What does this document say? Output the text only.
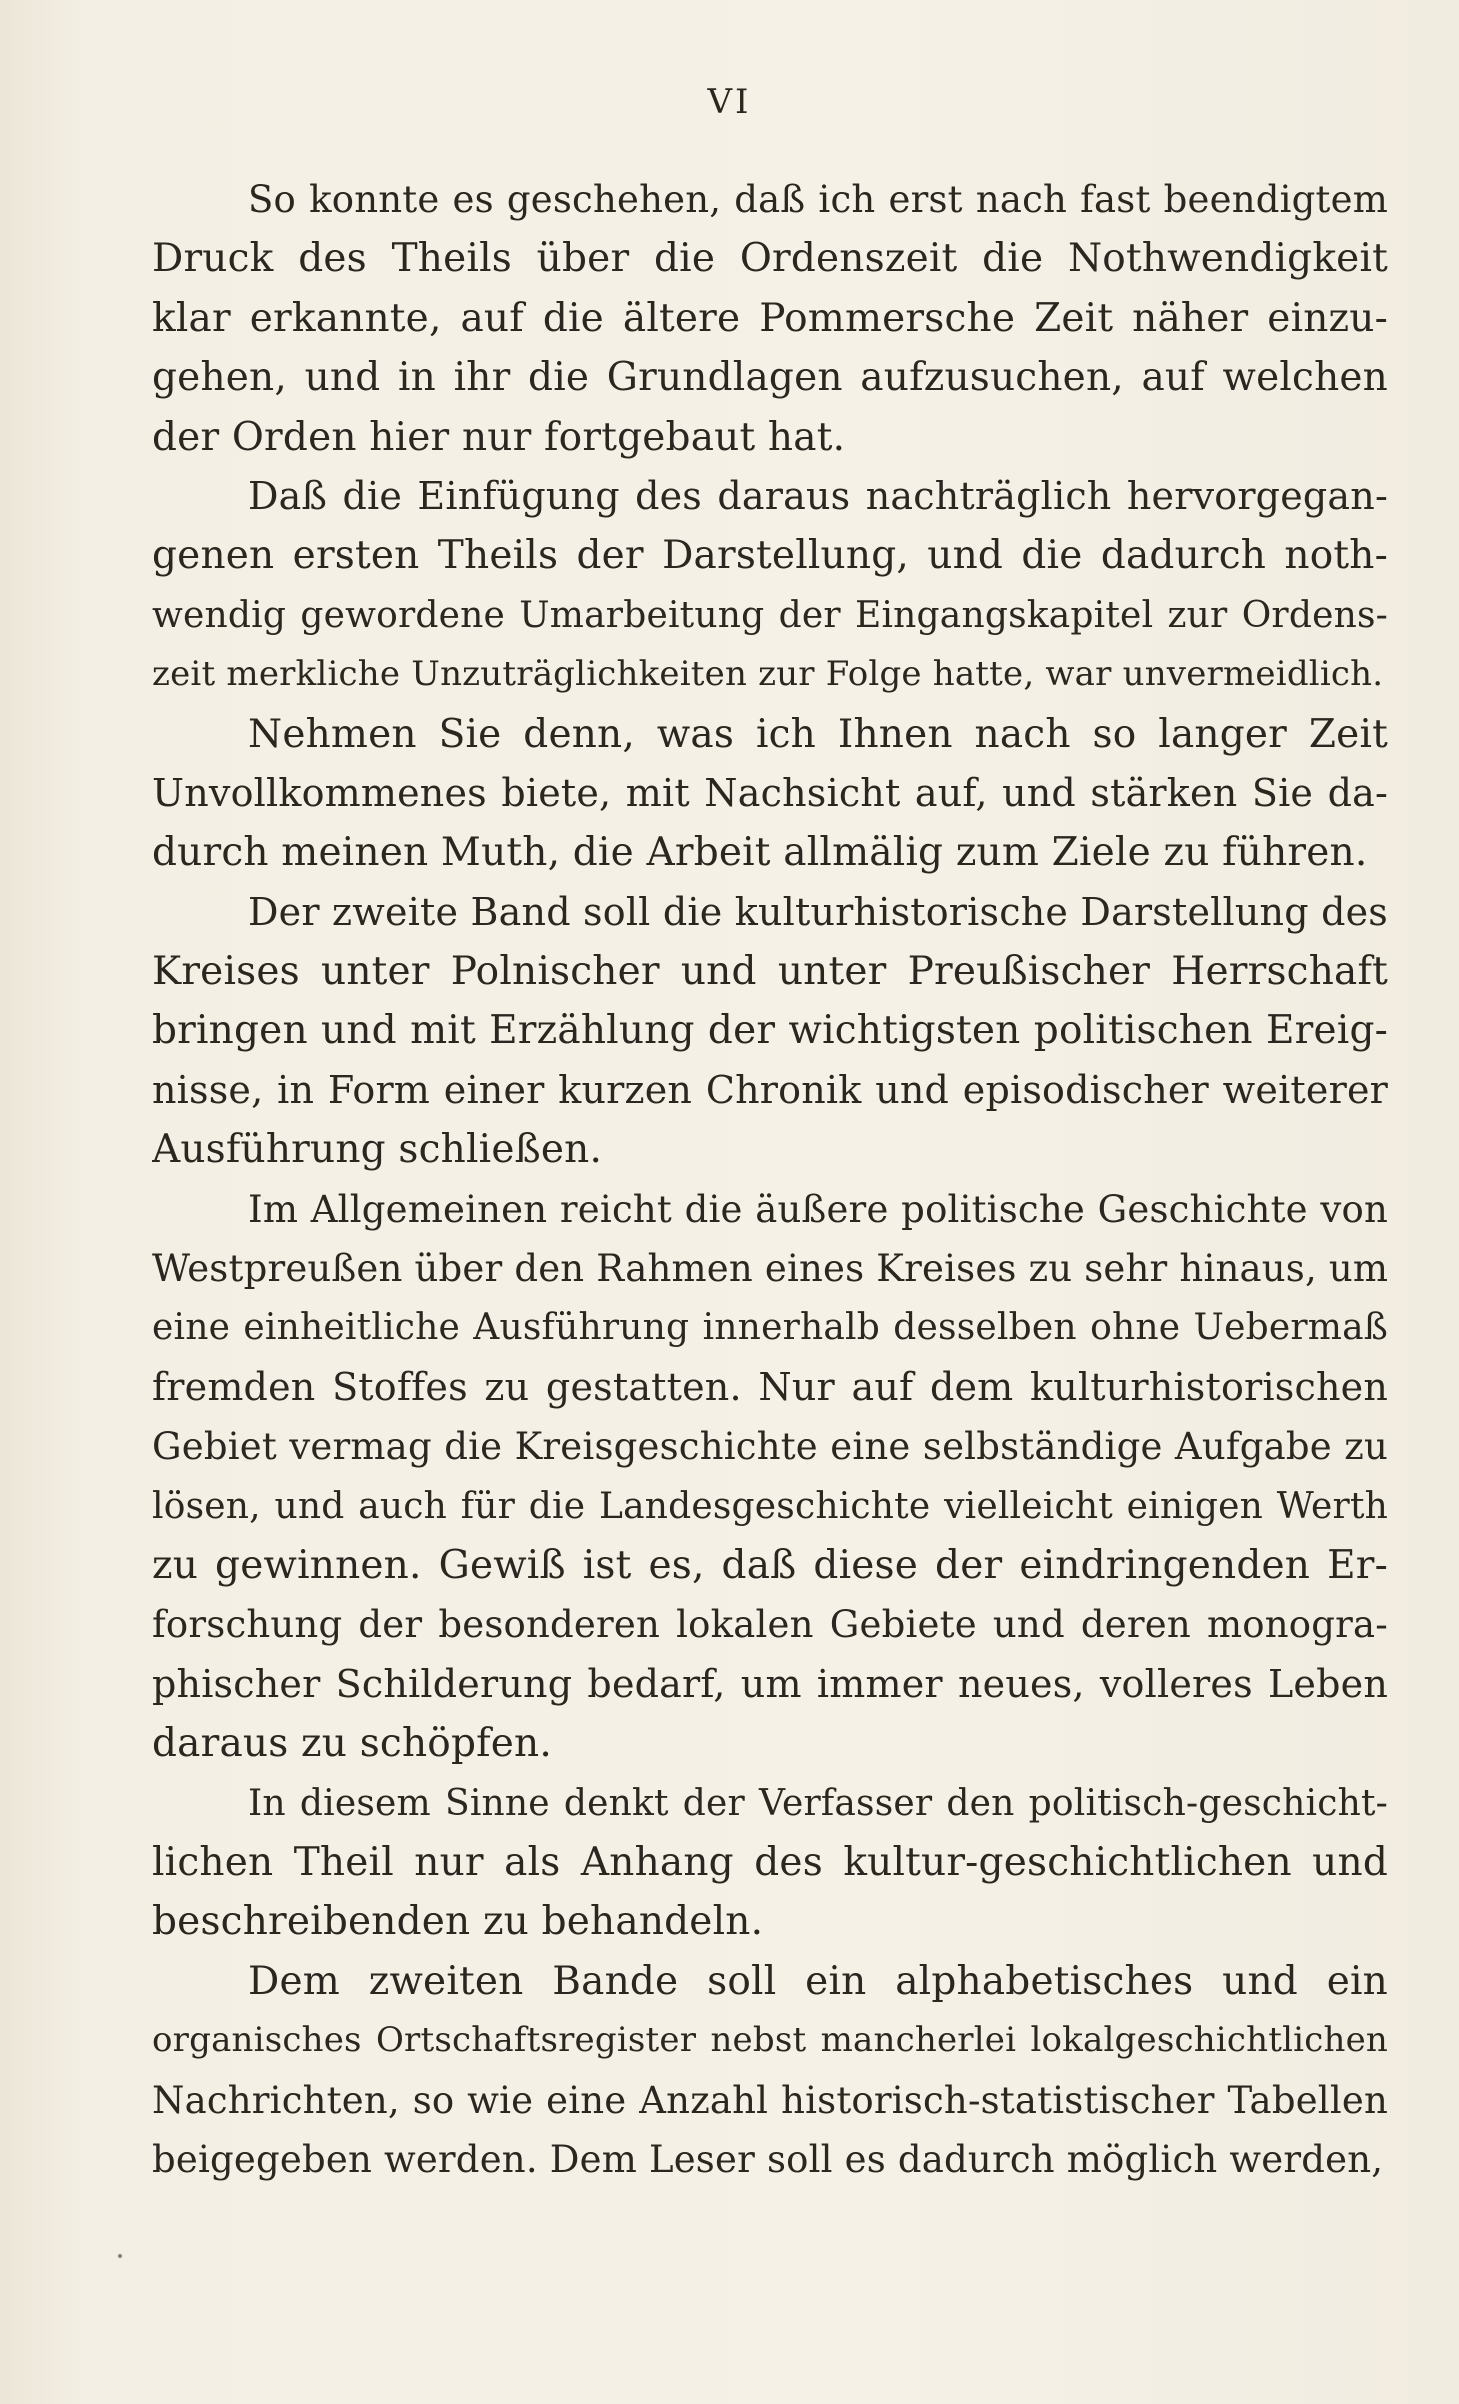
VI
So konnte es geschehen, daß ich erst nach fast beendigtem
Druck des Theils über die Ordenszeit die Nothwendigkeit
klar erkannte, auf die ältere Pommersche Zeit näher einzu-
gehen, und in ihr die Grundlagen aufzusuchen, auf welchen
der Orden hier nur fortgebaut hat.
Daß die Einfügung des daraus nachträglich hervorgegan-
genen ersten Theils der Darstellung, und die dadurch noth-
wendig gewordene Umarbeitung der Eingangskapitel zur Ordens-
zeit merkliche Unzuträglichkeiten zur Folge hatte, war unvermeidlich.
Nehmen Sie denn, was ich Ihnen nach so langer Zeit
Unvollkommenes biete, mit Nachsicht auf, und stärken Sie da-
durch meinen Muth, die Arbeit allmälig zum Ziele zu führen.
Der zweite Band soll die kulturhistorische Darstellung des
Kreises unter Polnischer und unter Preußischer Herrschaft
bringen und mit Erzählung der wichtigsten politischen Ereig-
nisse, in Form einer kurzen Chronik und episodischer weiterer
Ausführung schließen.
Im Allgemeinen reicht die äußere politische Geschichte von
Westpreußen über den Rahmen eines Kreises zu sehr hinaus, um
eine einheitliche Ausführung innerhalb desselben ohne Uebermaß
fremden Stoffes zu gestatten. Nur auf dem kulturhistorischen
Gebiet vermag die Kreisgeschichte eine selbständige Aufgabe zu
lösen, und auch für die Landesgeschichte vielleicht einigen Werth
zu gewinnen. Gewiß ist es, daß diese der eindringenden Er-
forschung der besonderen lokalen Gebiete und deren monogra-
phischer Schilderung bedarf, um immer neues, volleres Leben
daraus zu schöpfen.
In diesem Sinne denkt der Verfasser den politisch-geschicht-
lichen Theil nur als Anhang des kultur-geschichtlichen und
beschreibenden zu behandeln.
Dem zweiten Bande soll ein alphabetisches und ein
organisches Ortschaftsregister nebst mancherlei lokalgeschichtlichen
Nachrichten, so wie eine Anzahl historisch-statistischer Tabellen
beigegeben werden. Dem Leser soll es dadurch möglich werden,
